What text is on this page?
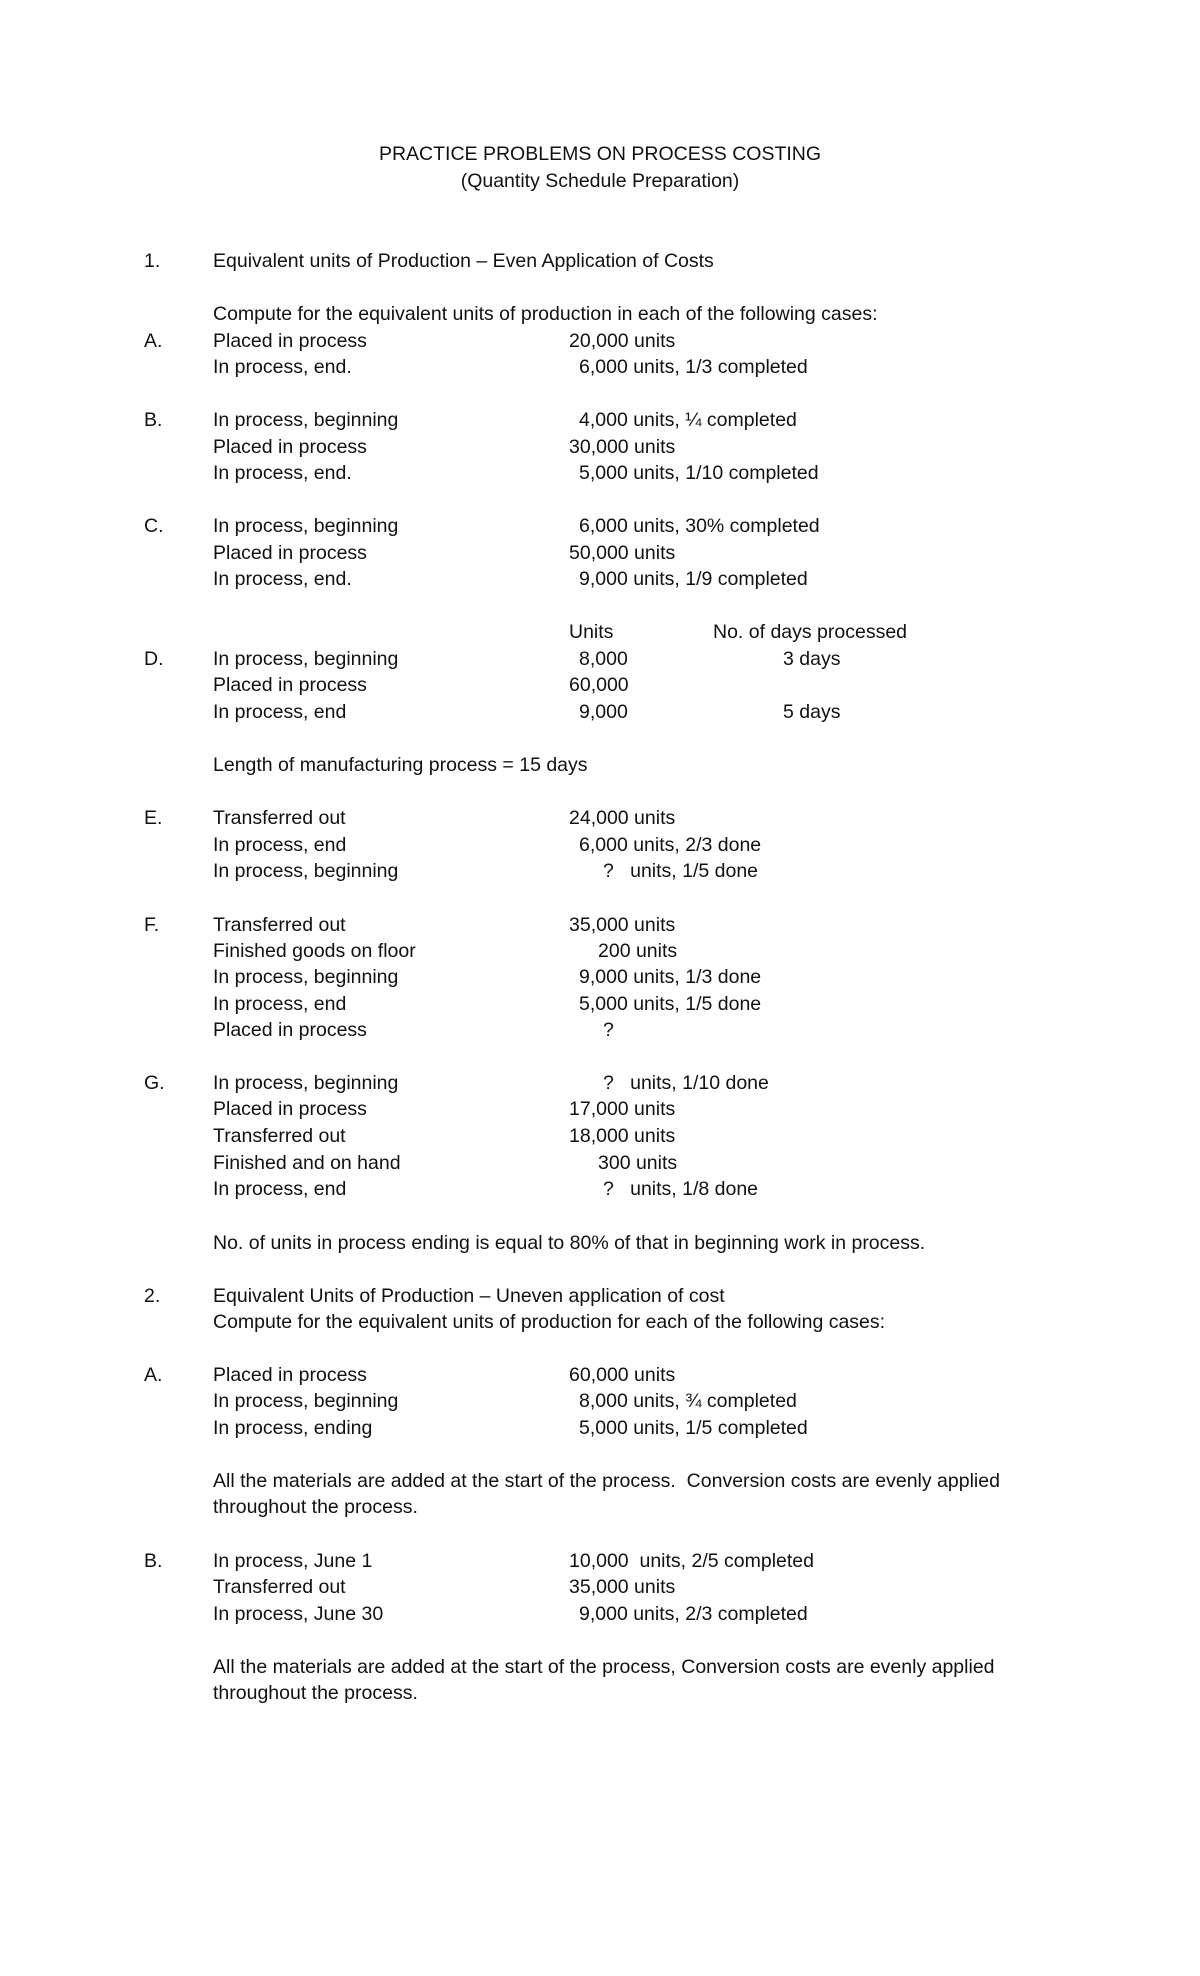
PRACTICE PROBLEMS ON PROCESS COSTING
(Quantity Schedule Preparation)
1.	Equivalent units of Production – Even Application of Costs
Compute for the equivalent units of production in each of the following cases:
A.	Placed in process	20,000 units
In process, end.	6,000 units, 1/3 completed
B.	In process, beginning	4,000 units, ¼ completed
Placed in process	30,000 units
In process, end.	5,000 units, 1/10 completed
C.	In process, beginning	6,000 units, 30% completed
Placed in process	50,000 units
In process, end.	9,000 units, 1/9 completed
Units	No. of days processed
D.	In process, beginning	8,000	3 days
Placed in process	60,000
In process, end	9,000	5 days
Length of manufacturing process = 15 days
E.	Transferred out	24,000 units
In process, end	6,000 units, 2/3 done
In process, beginning	?   units, 1/5 done
F.	Transferred out	35,000 units
Finished goods on floor	200 units
In process, beginning	9,000 units, 1/3 done
In process, end	5,000 units, 1/5 done
Placed in process	?
G. In process, beginning	?   units, 1/10 done
Placed in process	17,000 units
Transferred out	18,000 units
Finished and on hand	300 units
In process, end	?   units, 1/8 done
No. of units in process ending is equal to 80% of that in beginning work in process.
2.	Equivalent Units of Production – Uneven application of cost
Compute for the equivalent units of production for each of the following cases:
A.	Placed in process	60,000 units
In process, beginning	8,000 units, ¾ completed
In process, ending	5,000 units, 1/5 completed
All the materials are added at the start of the process.  Conversion costs are evenly applied
throughout the process.
B.	In process, June 1	10,000  units, 2/5 completed
Transferred out	35,000 units
In process, June 30	9,000 units, 2/3 completed
All the materials are added at the start of the process, Conversion costs are evenly applied
throughout the process.
